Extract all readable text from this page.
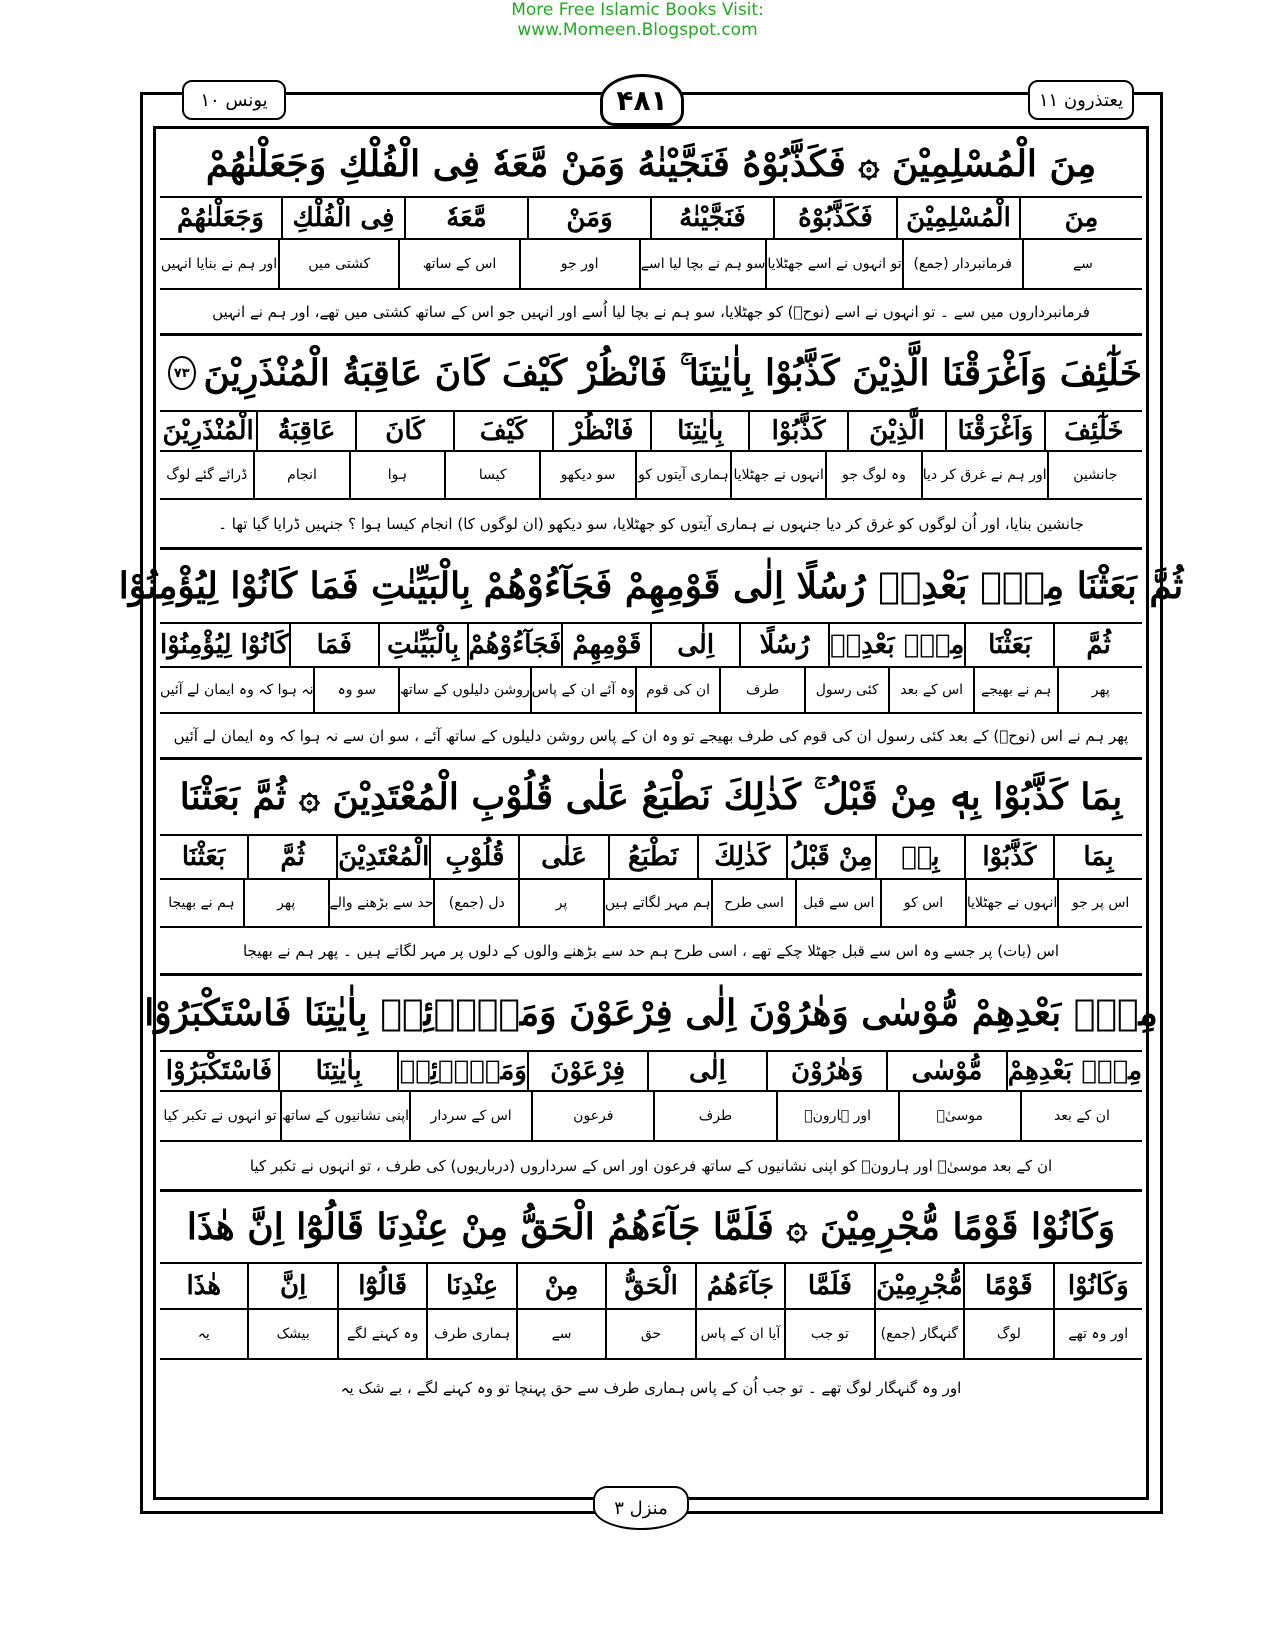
More Free Islamic Books Visit:
www.Momeen.Blogspot.com
یونس ۱۰	۴۸۱	یعتذرون ۱۱
مِنَ الْمُسْلِمِيْنَ ۞ فَكَذَّبُوْهُ فَنَجَّيْنٰهُ وَمَنْ مَّعَهٗ فِى الْفُلْكِ وَجَعَلْنٰهُمْ
مِنَ
الْمُسْلِمِيْنَ
فَكَذَّبُوْهُ
فَنَجَّيْنٰهُ
وَمَنْ
مَّعَهٗ
فِى الْفُلْكِ
وَجَعَلْنٰهُمْ
سے
فرمانبردار (جمع)
تو انہوں نے اسے جھٹلایا
سو ہم نے بچا لیا اسے
اور جو
اس کے ساتھ
کشتی میں
اور ہم نے بنایا انہیں
فرمانبرداروں میں سے ۔ تو انہوں نے اسے (نوحؑ) کو جھٹلایا، سو ہم نے بچا لیا اُسے اور انہیں جو اس کے ساتھ کشتی میں تھے، اور ہم نے انہیں
خَلٰٓئِفَ وَاَغْرَقْنَا الَّذِيْنَ كَذَّبُوْا بِاٰيٰتِنَا ۚ فَانْظُرْ كَيْفَ كَانَ عَاقِبَةُ الْمُنْذَرِيْنَ
۷۳
خَلٰٓئِفَ
وَاَغْرَقْنَا
الَّذِيْنَ
كَذَّبُوْا
بِاٰيٰتِنَا
فَانْظُرْ
كَيْفَ
كَانَ
عَاقِبَةُ
الْمُنْذَرِيْنَ
جانشین
اور ہم نے غرق کر دیا
وہ لوگ جو
انہوں نے جھٹلایا
ہماری آیتوں کو
سو دیکھو
کیسا
ہوا
انجام
ڈرائے گئے لوگ
جانشین بنایا، اور اُن لوگوں کو غرق کر دیا جنہوں نے ہماری آیتوں کو جھٹلایا، سو دیکھو (ان لوگوں کا) انجام کیسا ہوا ؟ جنہیں ڈرایا گیا تھا ۔
ثُمَّ بَعَثْنَا مِنْۢ بَعْدِهٖ رُسُلًا اِلٰى قَوْمِهِمْ فَجَآءُوْهُمْ بِالْبَيِّنٰتِ فَمَا كَانُوْا لِيُؤْمِنُوْا
ثُمَّ
بَعَثْنَا
مِنْۢ بَعْدِهٖ
رُسُلًا
اِلٰى
قَوْمِهِمْ
فَجَآءُوْهُمْ
بِالْبَيِّنٰتِ
فَمَا
كَانُوْا لِيُؤْمِنُوْا
پھر
ہم نے بھیجے
اس کے بعد
کئی رسول
طرف
ان کی قوم
وہ آئے ان کے پاس
روشن دلیلوں کے ساتھ
سو وہ
نہ ہوا کہ وہ ایمان لے آئیں
پھر ہم نے اس (نوحؑ) کے بعد کئی رسول ان کی قوم کی طرف بھیجے تو وہ ان کے پاس روشن دلیلوں کے ساتھ آئے ، سو ان سے نہ ہوا کہ وہ ایمان لے آئیں
بِمَا كَذَّبُوْا بِهٖ مِنْ قَبْلُ ۚ كَذٰلِكَ نَطْبَعُ عَلٰى قُلُوْبِ الْمُعْتَدِيْنَ ۞ ثُمَّ بَعَثْنَا
بِمَا
كَذَّبُوْا
بِهٖ
مِنْ قَبْلُ
كَذٰلِكَ
نَطْبَعُ
عَلٰى
قُلُوْبِ
الْمُعْتَدِيْنَ
ثُمَّ
بَعَثْنَا
اس پر جو
انہوں نے جھٹلایا
اس کو
اس سے قبل
اسی طرح
ہم مہر لگاتے ہیں
پر
دل (جمع)
حد سے بڑھنے والے
پھر
ہم نے بھیجا
اس (بات) پر جسے وہ اس سے قبل جھٹلا چکے تھے ، اسی طرح ہم حد سے بڑھنے والوں کے دلوں پر مہر لگاتے ہیں ۔ پھر ہم نے بھیجا
مِنْۢ بَعْدِهِمْ مُّوْسٰى وَهٰرُوْنَ اِلٰى فِرْعَوْنَ وَمَلَا۟ئِهٖ بِاٰيٰتِنَا فَاسْتَكْبَرُوْا
مِنْۢ بَعْدِهِمْ
مُّوْسٰى
وَهٰرُوْنَ
اِلٰى
فِرْعَوْنَ
وَمَلَا۟ئِهٖ
بِاٰيٰتِنَا
فَاسْتَكْبَرُوْا
ان کے بعد
موسیٰؑ
اور ہارونؑ
طرف
فرعون
اس کے سردار
اپنی نشانیوں کے ساتھ
تو انہوں نے تکبر کیا
ان کے بعد موسیٰؑ اور ہارونؑ کو اپنی نشانیوں کے ساتھ فرعون اور اس کے سرداروں (درباریوں) کی طرف ، تو انہوں نے تکبر کیا
وَكَانُوْا قَوْمًا مُّجْرِمِيْنَ ۞ فَلَمَّا جَآءَهُمُ الْحَقُّ مِنْ عِنْدِنَا قَالُوْٓا اِنَّ هٰذَا
وَكَانُوْا
قَوْمًا
مُّجْرِمِيْنَ
فَلَمَّا
جَآءَهُمُ
الْحَقُّ
مِنْ
عِنْدِنَا
قَالُوْٓا
اِنَّ
هٰذَا
اور وہ تھے
لوگ
گنہگار (جمع)
تو جب
آیا ان کے پاس
حق
سے
ہماری طرف
وہ کہنے لگے
بیشک
یہ
اور وہ گنہگار لوگ تھے ۔ تو جب اُن کے پاس ہماری طرف سے حق پہنچا تو وہ کہنے لگے ، بے شک یہ
منزل ۳
